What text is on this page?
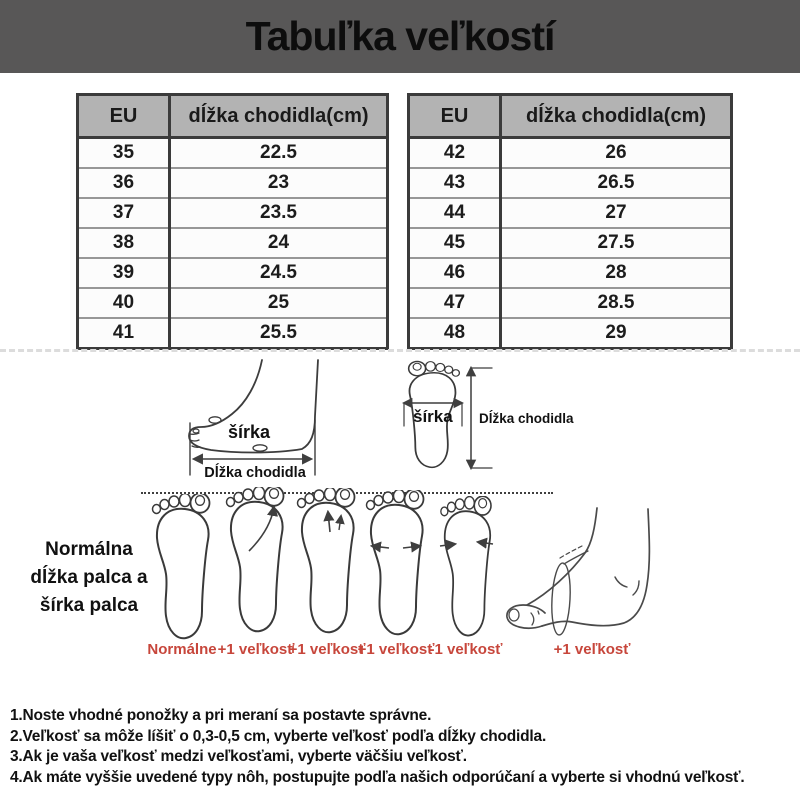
Tabuľka veľkostí
EU	dĺžka chodidla(cm)
35	22.5
36	23
37	23.5
38	24
39	24.5
40	25
41	25.5
EU	dĺžka chodidla(cm)
42	26
43	26.5
44	27
45	27.5
46	28
47	28.5
48	29
šírka
Dĺžka chodidla
šírka Dĺžka chodidla
Normálna
dĺžka palca a
šírka palca
Normálne +1 veľkosť
+1 veľkosť
+1 veľkosť
-1 veľkosť	+1 veľkosť
1.Noste vhodné ponožky a pri meraní sa postavte správne.
2.Veľkosť sa môže líšiť o 0,3-0,5 cm, vyberte veľkosť podľa dĺžky chodidla.
3.Ak je vaša veľkosť medzi veľkosťami, vyberte väčšiu veľkosť.
4.Ak máte vyššie uvedené typy nôh, postupujte podľa našich odporúčaní a vyberte si vhodnú veľkosť.
